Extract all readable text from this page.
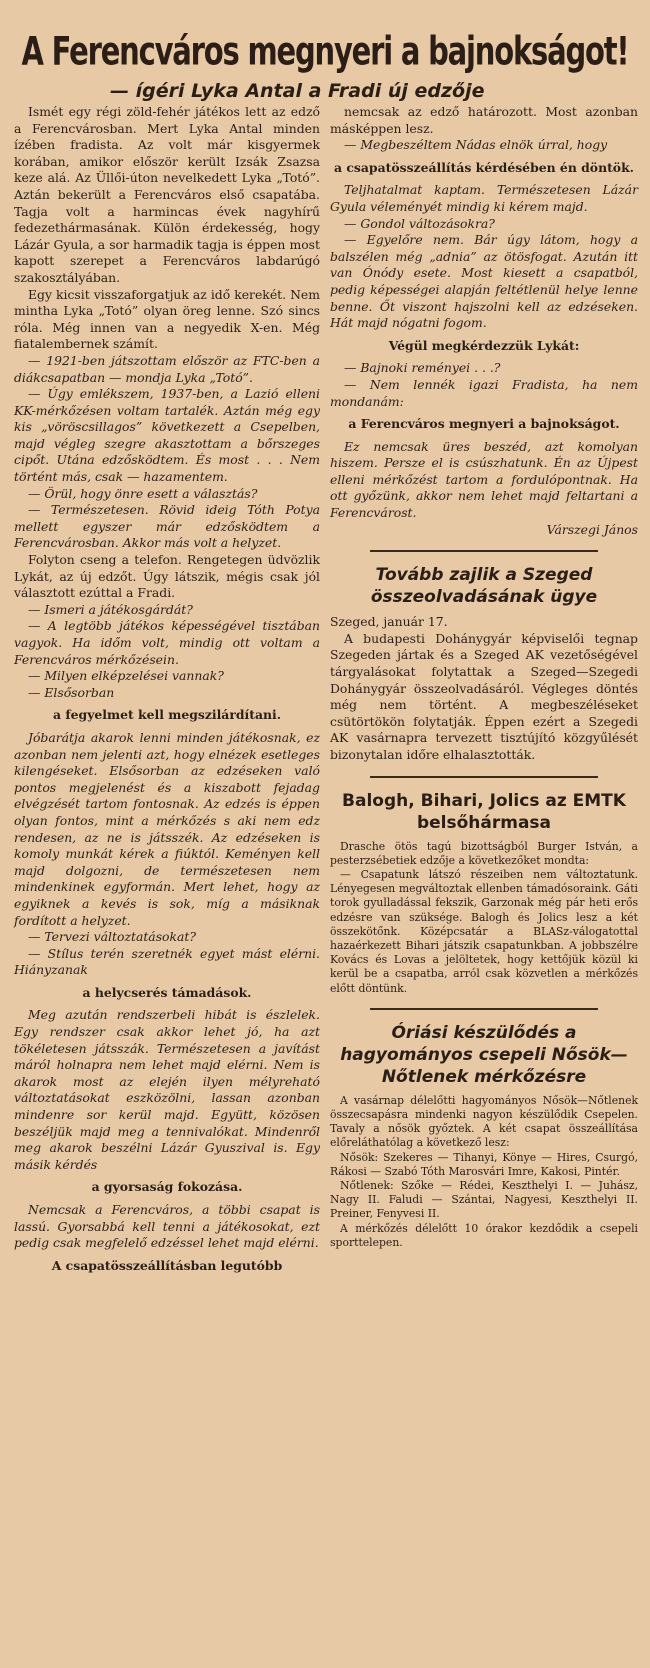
A Ferencváros megnyeri a bajnokságot!
— ígéri Lyka Antal a Fradi új edzője

Ismét egy régi zöld-fehér játékos lett az edző a Ferencvárosban. Mert Lyka Antal minden ízében fradista. Az volt már kisgyermek korában, amikor először került Izsák Zsazsa keze alá. Az Üllői-úton nevelkedett Lyka „Totó”. Aztán bekerült a Ferencváros első csapatába. Tagja volt a harmincas évek nagyhírű fedezethármasának. Külön érdekesség, hogy Lázár Gyula, a sor harmadik tagja is éppen most kapott szerepet a Ferencváros labdarúgó szakosztályában.

Egy kicsit visszaforgatjuk az idő kerekét. Nem mintha Lyka „Totó” olyan öreg lenne. Szó sincs róla. Még innen van a negyedik X-en. Még fiatalembernek számít.

— 1921-ben játszottam először az FTC-ben a diákcsapatban — mondja Lyka „Totó”.

— Úgy emlékszem, 1937-ben, a Lazió elleni KK-mérkőzésen voltam tartalék. Aztán még egy kis „vöröscsillagos” következett a Csepelben, majd végleg szegre akasztottam a bőrszeges cipőt. Utána edzősködtem. És most . . . Nem történt más, csak — hazamentem.

— Örül, hogy önre esett a választás?

— Természetesen. Rövid ideig Tóth Potya mellett egyszer már edzősködtem a Ferencvárosban. Akkor más volt a helyzet.

Folyton cseng a telefon. Rengetegen üdvözlik Lykát, az új edzőt. Úgy látszik, mégis csak jól választott ezúttal a Fradi.

— Ismeri a játékosgárdát?

— A legtöbb játékos képességével tisztában vagyok. Ha időm volt, mindig ott voltam a Ferencváros mérkőzésein.

— Milyen elképzelései vannak?

— Elsősorban

a fegyelmet kell megszilárdítani.

Jóbarátja akarok lenni minden játékosnak, ez azonban nem jelenti azt, hogy elnézek esetleges kilengéseket. Elsősorban az edzéseken való pontos megjelenést és a kiszabott fejadag elvégzését tartom fontosnak. Az edzés is éppen olyan fontos, mint a mérkőzés s aki nem edz rendesen, az ne is játsszék. Az edzéseken is komoly munkát kérek a fiúktól. Keményen kell majd dolgozni, de természetesen nem mindenkinek egyformán. Mert lehet, hogy az egyiknek a kevés is sok, míg a másiknak fordított a helyzet.

— Tervezi változtatásokat?

— Stílus terén szeretnék egyet mást elérni. Hiányzanak

a helycserés támadások.

Meg azután rendszerbeli hibát is észlelek. Egy rendszer csak akkor lehet jó, ha azt tökéletesen játsszák. Természetesen a javítást máról holnapra nem lehet majd elérni. Nem is akarok most az elején ilyen mélyreható változtatásokat eszközölni, lassan azonban mindenre sor kerül majd. Együtt, közösen beszéljük majd meg a tennivalókat. Mindenről meg akarok beszélni Lázár Gyuszival is. Egy másik kérdés

a gyorsaság fokozása.

Nemcsak a Ferencváros, a többi csapat is lassú. Gyorsabbá kell tenni a játékosokat, ezt pedig csak megfelelő edzéssel lehet majd elérni.

A csapatösszeállításban legutóbb

nemcsak az edző határozott. Most azonban másképpen lesz.

— Megbeszéltem Nádas elnök úrral, hogy

a csapatösszeállítás kérdésében én döntök.

Teljhatalmat kaptam. Természetesen Lázár Gyula véleményét mindig ki kérem majd.

— Gondol változásokra?

— Egyelőre nem. Bár úgy látom, hogy a balszélen még „adnia” az ötösfogat. Azután itt van Ónódy esete. Most kiesett a csapatból, pedig képességei alapján feltétlenül helye lenne benne. Őt viszont hajszolni kell az edzéseken. Hát majd nógatni fogom.

Végül megkérdezzük Lykát:

— Bajnoki reményei . . .?

— Nem lennék igazi Fradista, ha nem mondanám:

a Ferencváros megnyeri a bajnokságot.

Ez nemcsak üres beszéd, azt komolyan hiszem. Persze el is csúszhatunk. Én az Újpest elleni mérkőzést tartom a fordulópontnak. Ha ott győzünk, akkor nem lehet majd feltartani a Ferencvárost.

Várszegi János

Tovább zajlik a Szeged összeolvadásának ügye

Szeged, január 17.

A budapesti Dohánygyár képviselői tegnap Szegeden jártak és a Szeged AK vezetőségével tárgyalásokat folytattak a Szeged—Szegedi Dohánygyár összeolvadásáról. Végleges döntés még nem történt. A megbeszéléseket csütörtökön folytatják. Éppen ezért a Szegedi AK vasárnapra tervezett tisztújító közgyűlését bizonytalan időre elhalasztották.

Balogh, Bihari, Jolics az EMTK belsőhármasa

Drasche ötös tagú bizottságból Burger István, a pesterzsébetiek edzője a következőket mondta:

— Csapatunk látszó részeiben nem változtatunk. Lényegesen megváltoztak ellenben támadósoraink. Gáti torok gyulladással fekszik, Garzonak még pár heti erős edzésre van szüksége. Balogh és Jolics lesz a két összekötőnk. Középcsatár a BLASz-válogatottal hazaérkezett Bihari játszik csapatunkban. A jobbszélre Kovács és Lovas a jelöltetek, hogy kettőjük közül ki kerül be a csapatba, arról csak közvetlen a mérkőzés előtt döntünk.

Óriási készülődés a hagyományos csepeli Nősök—Nőtlenek mérkőzésre

A vasárnap délelőtti hagyományos Nősök—Nőtlenek összecsapásra mindenki nagyon készülődik Csepelen. Tavaly a nősök győztek. A két csapat összeállítása előreláthatólag a következő lesz:

Nősök: Szekeres — Tihanyi, Könye — Hires, Csurgó, Rákosi — Szabó Tóth Marosvári Imre, Kakosi, Pintér.

Nőtlenek: Szőke — Rédei, Keszthelyi I. — Juhász, Nagy II. Faludi — Szántai, Nagyesi, Keszthelyi II. Preiner, Fenyvesi II.

A mérkőzés délelőtt 10 órakor kezdődik a csepeli sporttelepen.
